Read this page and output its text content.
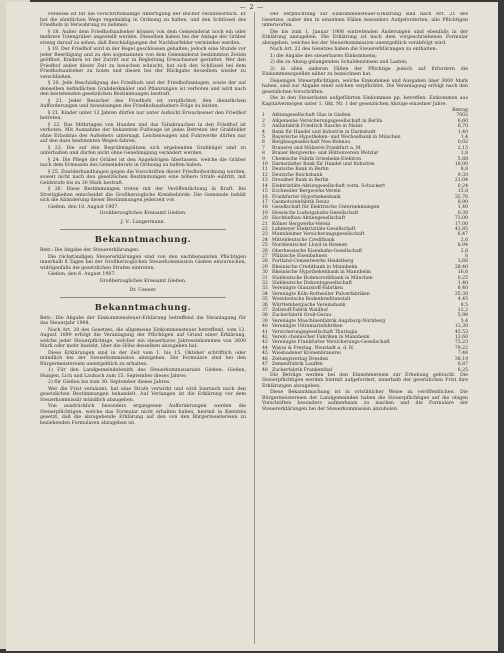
— 2 —

Fersesse ist für die vorschriftsmäßige Anfertigung der Bücher verantwortlich. Er hat die sämtlichen Wege regelmäßig in Ordnung zu halten, und den Schlüssel des Friedhofs in Verwahrung zu nehmen.

§ 18. Außer dem Friedhofsaufseher können von dem Gemeinderat noch ein oder mehrere Totengräber angestellt werden. Dieselben haben bei der Anlage der Gräber streng darauf zu sehen, daß Beschädigungen der Nachbarfelder vermieden werden.

§ 19. Der Friedhof wird in der Regel geschlossen gehalten; jedoch eine Stunde vor jeder Beerdigung und zu den sogenannten von dem Gemeinderat bestimmten Zeiten geöffnet. Kindern ist der Zutritt nur in Begleitung Erwachsener gestattet. Wer den Friedhof außer dieser Zeit zu besuchen wünscht, hat sich den Schlüssel bei dem Friedhofsaufseher zu holen und diesen bei der Rückgabe desselben wieder zu verschließen.

§ 20. Jede Beschädigung des Friedhofs und der Friedhofsanlagen, sowie der auf denselben befindlichen Grabdenkmäler und Pflanzungen ist verboten und wird nach den bestehenden gesetzlichen Bestimmungen bestraft.

§ 21. Jeder Besucher des Friedhofs ist verpflichtet, den dienstlichen Aufforderungen und Anweisungen des Friedhofsaufsehers Folge zu leisten.

§ 21. Kinder unter 12 Jahren dürfen nur unter Aufsicht Erwachsener den Friedhof betreten.

§ 22. Das Mitbringen von Hunden und das Tabakrauchen in den Friedhof ist verboten. Mit Ausnahme der bekannten Fußwege ist jedes Betreten der Grabfelder ohne Erlaubnis des Aufsehers untersagt. Leichenwagen und Fuhrwerke dürfen nur auf den dazu bestimmten Wegen fahren.

§ 23. Die auf den Begräbnisplätzen sich ergebenden Grabhügel sind zu unterhalten und dürfen nicht ohne Genehmigung verändert werden.

§ 24. Die Pflege der Gräber ist den Angehörigen überlassen, welche die Gräber nach dem Ermessen des Gemeinderats in Ordnung zu halten haben.

§ 25. Zuwiderhandlungen gegen die Vorschriften dieser Friedhofsordnung werden, soweit nicht nach den gesetzlichen Bestimmungen eine höhere Strafe eintritt, mit Geldstrafe bis zu 30 Mark bestraft.

§ 26. Diese Bestimmungen treten mit der Veröffentlichung in Kraft. Bei Streitigkeiten entscheidet die Großherzogliche Kreisbehörde. Die Gemeinde behält sich die Abänderung dieser Bestimmungen jederzeit vor.

Gießen, den 10. August 1907.

Großherzogliches Kreisamt Gießen.
J. V.: Langermann.
Bekanntmachung.

Betr.: Die Abgabe der Steuererklärungen.

Die rückständigen Steuererklärungen sind von den nachbenannten Pflichtigen innerhalb 8 Tagen bei der Großherzoglichen Steuerkommission Gießen einzureichen, widrigenfalls die gesetzlichen Strafen eintreten.

Gießen, den 6. August 1907.

Großherzogliches Kreisamt Gießen.
Dr. Usener.
Bekanntmachung.

Betr.: Die Abgabe der Einkommensteuer-Erklärung betreffend die Veranlagung für das Steuerjahr 1908.

Nach Art. 20 des Gesetzes, die allgemeine Einkommensteuer betreffend, vom 12. August 1899 erfolgt die Veranlagung der Pflichtigen auf Grund einer Erklärung, welche jeder Steuerpflichtige, welcher ein steuerbares Jahreseinkommen von 2600 Mark oder mehr bezieht, über die Höhe desselben abzugeben hat.

Diese Erklärungen sind in der Zeit vom 1. bis 15. Oktober schriftlich oder mündlich bei der Steuerkommission abzugeben. Die Formulare sind bei den Bürgermeistereien unentgeltlich zu erhalten.

1) Für den Landgemeindebezirk des Steuerkommissariats Gießen: Gießen, Hungen, Lich und Laubach zum 15. September dieses Jahres;

2) für Gießen bis zum 30. September dieses Jahres.

Wer die Frist versäumt, hat eine Strafe verwirkt und wird hiernach nach den gesetzlichen Bestimmungen behandelt. Auf Verlangen ist die Erklärung vor dem Steuerkommissär mündlich abzugeben.

Von ausdrücklich besonders ergangenen Aufforderungen werden die Steuerpflichtigen, welche das Formular nicht erhalten haben, hiermit in Kenntnis gesetzt, daß die abzugebende Erklärung auf den von den Bürgermeistereien zu beziehenden Formularen abzugeben ist.

Der Verpflichtung zur Einkommensteuer-Erklärung sind nach Art. 21 des Gesetzes, außer den in einzelnen Fällen besonders Aufgeforderten, alle Pflichtigen unterworfen.

Die bis zum 1. Januar 1908 eintretenden Änderungen sind ebenfalls in der Erklärung anzugeben. Die Erklärung ist nach dem vorgeschriebenen Formular abzugeben, welches bei der Steuerkommission unentgeltlich verabfolgt wird.

Nach Art. 22 des Gesetzes haben die Steuererklärungen zu enthalten:

1) die Angabe des steuerbaren Einkommens;

2) die zu Abzug gelangenden Schuldenzinsen und Lasten;

3) in allen anderen Fällen der Pflichtige jedoch auf Erfordern die Einkommensquellen näher zu bezeichnen hat.

Diejenigen Steuerpflichtigen, welche Einkommen und Ausgaben über 3000 Mark haben, sind zur Abgabe einer solchen verpflichtet. Die Veranlagung erfolgt nach den gesetzlichen Vorschriften.

Die in den Steuerlisten aufgeführten Einkommen pp. betreffen: Einkommen aus Kapitalvermögen unter 1. Okt. Nr. 1 der gesetzlichen Abzüge einzelner Jahre.

Betrag
1	Aktiengesellschaft Glas in Gießen	7002
2	Allgemeine Versicherungsgesellschaft in Berlin	6,60
3	Anilinfabrik Friedrich Rasche in Mainz	6,70
4	Bank für Handel und Industrie in Darmstadt	1,40
5	Bayerische Hypotheken- und Wechselbank in München	1,4
6	Bergbaugesellschaft Neu-Bohnau	0,02
7	Brauerei und Mälzerei Frankfurt a. M.	2,15
8	Brauer Bergwerks- und Hüttenverein Wetzlar	1,8
9	Chemische Fabrik Griesheim-Elektron	5,88
10	Darmstädter Bank für Handel und Industrie	18,00
11	Deutsche Bank in Berlin	8,8
12	Deutsche Reichsbank	9,30
13	Dresdner Bank in Berlin	21,04
14	Elektrizitäts-Aktiengesellschaft vorm. Schuckert	0,24
15	Eschweiler Bergwerks-Verein	15,8
16	Frankfurter Hypothekenbank	35,76
17	Gasmotorenfabrik Deutz	8,90
18	Gesellschaft für Elektrische Unternehmungen	1,40
19	Hessische Ludwigsbahn-Gesellschaft	0,30
20	Hochtiefbau-Aktiengesellschaft	73,00
21	Kölner Bergwerks-Verein	17,00
22	Lahmeyer Elektrizitäts-Gesellschaft	43,85
23	Mannheimer Versicherungsgesellschaft	6,47
24	Mitteldeutsche Creditbank	2,6
25	Norddeutscher Lloyd in Bremen	8,94
26	Oberhessische Eisenbahn-Gesellschaft	2,8
27	Pfälzische Eisenbahnen	6
28	Portland-Cementwerke Heidelberg	3,68
29	Rheinische Creditbank in Mannheim	28,40
30	Rheinische Hypothekenbank in Mannheim	16,6
31	Süddeutsche Bodencreditbank in München	0,25
32	Süddeutsche Diskontogesellschaft	1,40
33	Vereinigte Glanzstoff-Fabriken	8,40
34	Vereinigte Köln-Rottweiler Pulverfabriken	35,30
35	Westdeutsche Bodenkreditanstalt	4,45
36	Württembergische Vereinsbank	8,5
37	Zellstoff-Fabrik Waldhof	12,2
38	Zuckerfabrik Groß-Gerau	5,98
39	Vereinigte Maschinenfabrik Augsburg-Nürnberg	5,4
40	Vereinigte Ultramarinfabriken	13,30
41	Versicherungsgesellschaft Thuringia	45,53
42	Verein chemischer Fabriken in Mannheim	12,60
43	Vereinigte Frankfurter Versicherungs-Gesellschaft	73,23
44	Wayss & Freytag, Neustadt a. d. H.	79,22
45	Wiesbadener Kronenbrauerei	7,48
46	Zeitungsverlag Dresden	38,19
47	Zementfabrik Lauffen	8,87
48	Zuckerfabrik Frankenthal	6,25

Die Beträge werden bei den Einnehmereien zur Erhebung gebracht. Die Steuerpflichtigen werden hiermit aufgefordert, innerhalb der gesetzlichen Frist ihre Erklärungen abzugeben.

Diese Bekanntmachung ist in ortsüblicher Weise zu veröffentlichen. Die Bürgermeistereien der Landgemeinden haben die Steuerpflichtigen auf die obigen Vorschriften besonders aufmerksam zu machen und die Formulare der Steuererklärungen bei der Steuerkommission abzuholen.
